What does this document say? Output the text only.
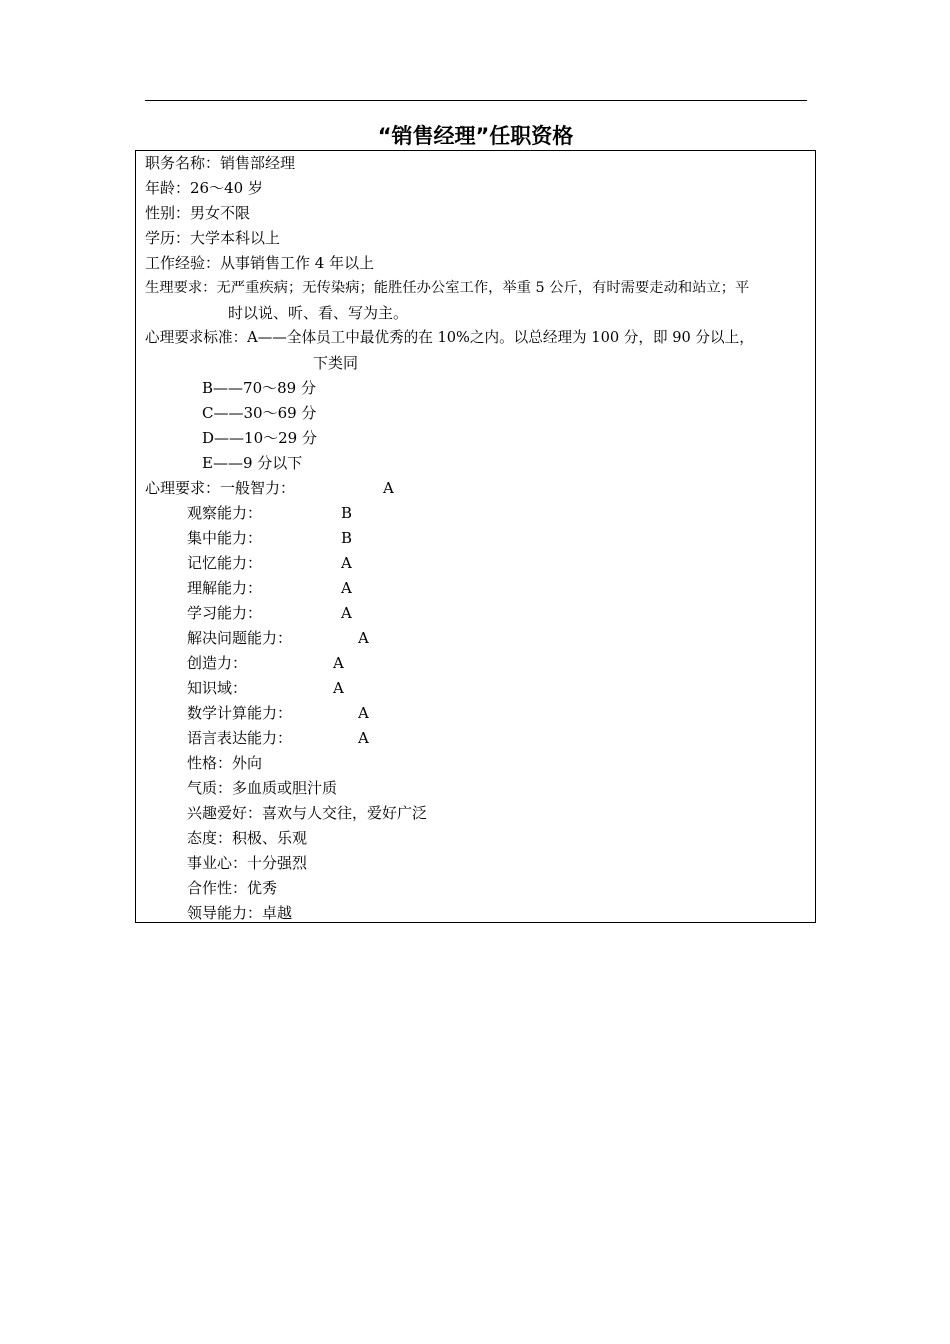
“销售经理”任职资格
职务名称：销售部经理
年龄：26～40 岁
性别：男女不限
学历：大学本科以上
工作经验：从事销售工作 4 年以上
生理要求：无严重疾病；无传染病；能胜任办公室工作，举重 5 公斤，有时需要走动和站立；平
时以说、听、看、写为主。
心理要求标准：A——全体员工中最优秀的在 10%之内。以总经理为 100 分，即 90 分以上，
下类同
B——70～89 分
C——30～69 分
D——10～29 分
E——9 分以下
心理要求：一般智力：	A
观察能力：	B
集中能力：	B
记忆能力：	A
理解能力：	A
学习能力：	A
解决问题能力：	A
创造力：	A
知识域：	A
数学计算能力：	A
语言表达能力：	A
性格：外向
气质：多血质或胆汁质
兴趣爱好：喜欢与人交往，爱好广泛
态度：积极、乐观
事业心：十分强烈
合作性：优秀
领导能力：卓越
